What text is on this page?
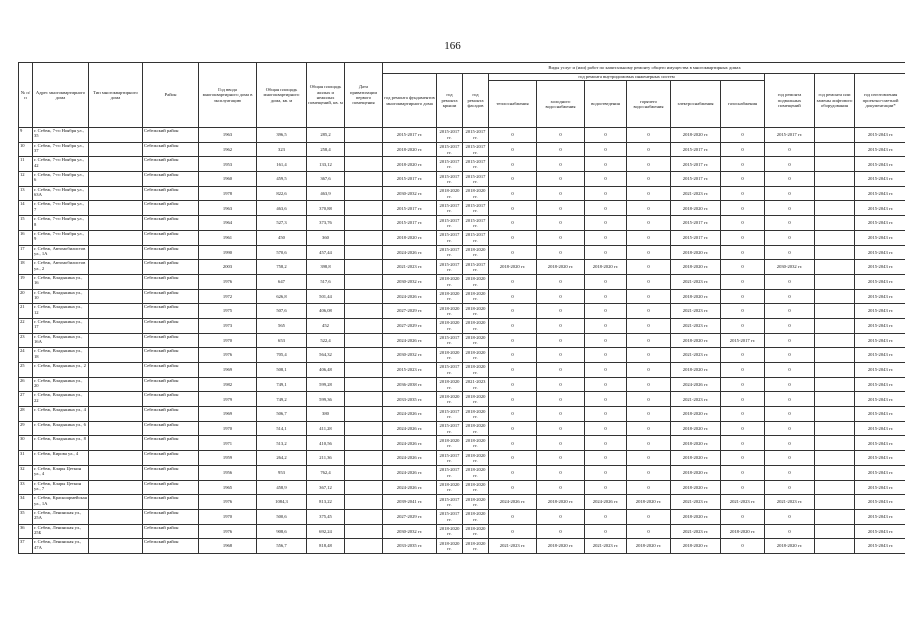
166
№ п/п	Адрес многоквартирного дома	Тип многоквартирного дома	Район	Год ввода многоквартирного дома в эксплуатацию	Общая площадь многоквартирного дома, кв. м	Общая площадь жилых и нежилых помещений, кв. м	Дата приватизации первого помещения	Виды услуг и (или) работ по капитальному ремонту общего имущества в многоквартирных домах											
								год ремонта фундаментов многоквартирного дома	год ремонта крыши	год ремонта фасадов	год ремонта внутридомовых инженерных систем						год ремонта подвальных помещений	год ремонта или замены лифтового оборудования	год изготовления проектно-сметной документации*
											теплоснабжения	холодного водоснабжения	водоотведения	горячего водоснабжения	электроснабжения	газоснабжения			
9	г. Себеж, 7-го Ноября ул., 35		Себежский район	1963	396,5	285,2		2015-2017 гг.	2015-2017 гг.	2015-2017 гг.	0	0	0	0	2018-2020 гг.	0	2015-2017 гг.		2015-2043 гг.
10	г. Себеж, 7-го Ноября ул., 37		Себежский район	1962	323	258,4		2018-2020 гг.	2015-2017 гг.	2015-2017 гг.	0	0	0	0	2015-2017 гг.	0	0		2015-2043 гг.
11	г. Себеж, 7-го Ноября ул., 42		Себежский район	1953	161,4	133,12		2018-2020 гг.	2015-2017 гг.	2015-2017 гг.	0	0	0	0	2015-2017 гг.	0	0		2015-2043 гг.
12	г. Себеж, 7-го Ноября ул., 6		Себежский район	1960	459,5	367,6		2015-2017 гг.	2015-2017 гг.	2015-2017 гг.	0	0	0	0	2015-2017 гг.	0	0		2015-2043 гг.
13	г. Себеж, 7-го Ноября ул., 63А		Себежский район	1978	822,6	463,9		2030-2032 гг.	2018-2020 гг.	2018-2020 гг.	0	0	0	0	2021-2023 гг.	0	0		2015-2043 гг.
14	г. Себеж, 7-го Ноября ул., 7		Себежский район	1963	463,6	370,88		2015-2017 гг.	2015-2017 гг.	2015-2017 гг.	0	0	0	0	2018-2020 гг.	0	0		2015-2043 гг.
15	г. Себеж, 7-го Ноября ул., 8		Себежский район	1964	527,3	373,76		2015-2017 гг.	2015-2017 гг.	2015-2017 гг.	0	0	0	0	2015-2017 гг.	0	0		2015-2043 гг.
16	г. Себеж, 7-го Ноября ул., 9		Себежский район	1961	450	360		2018-2020 гг.	2015-2017 гг.	2015-2017 гг.	0	0	0	0	2015-2017 гг.	0	0		2015-2043 гг.
17	г. Себеж, Автомобилистов ул., 1А		Себежский район	1990	570,6	457,44		2024-2026 гг.	2015-2017 гг.	2018-2020 гг.	0	0	0	0	2018-2020 гг.	0	0		2015-2043 гг.
18	г. Себеж, Автомобилистов ул., 2		Себежский район	2003	758,2	398,8		2021-2023 гг.	2015-2017 гг.	2015-2017 гг.	2018-2020 гг.	2018-2020 гг.	2018-2020 гг.	0	2018-2020 гг.	0	2030-2032 гг.		2015-2043 гг.
19	г. Себеж, Владыкина ул., 16		Себежский район	1976	647	517,6		2030-2032 гг.	2018-2020 гг.	2018-2020 гг.	0	0	0	0	2021-2023 гг.	0	0		2015-2043 гг.
20	г. Себеж, Владыкина ул., 10		Себежский район	1972	626,8	501,44		2024-2026 гг.	2018-2020 гг.	2018-2020 гг.	0	0	0	0	2018-2020 гг.	0	0		2015-2043 гг.
21	г. Себеж, Владыкина ул., 12		Себежский район	1975	507,6	406,08		2027-2029 гг.	2018-2020 гг.	2018-2020 гг.	0	0	0	0	2021-2023 гг.	0	0		2015-2043 гг.
22	г. Себеж, Владыкина ул., 17		Себежский район	1973	565	452		2027-2029 гг.	2018-2020 гг.	2018-2020 гг.	0	0	0	0	2021-2023 гг.	0	0		2015-2043 гг.
23	г. Себеж, Владыкина ул., 16А		Себежский район	1970	653	522,4		2024-2026 гг.	2015-2017 гг.	2018-2020 гг.	0	0	0	0	2018-2020 гг.	2015-2017 гг.	0		2015-2043 гг.
24	г. Себеж, Владыкина ул., 18		Себежский район	1976	705,4	564,32		2030-2032 гг.	2018-2020 гг.	2018-2020 гг.	0	0	0	0	2021-2023 гг.	0	0		2015-2043 гг.
25	г. Себеж, Владыкина ул., 2		Себежский район	1969	508,1	406,48		2015-2023 гг.	2015-2017 гг.	2018-2020 гг.	0	0	0	0	2018-2020 гг.	0	0		2015-2043 гг.
26	г. Себеж, Владыкина ул., 20		Себежский район	1982	749,1	599,28		2036-2038 гг.	2018-2020 гг.	2021-2023 гг.	0	0	0	0	2024-2026 гг.	0	0		2015-2043 гг.
27	г. Себеж, Владыкина ул., 22		Себежский район	1979	749,2	599,36		2033-2035 гг.	2018-2020 гг.	2018-2020 гг.	0	0	0	0	2021-2023 гг.	0	0		2015-2043 гг.
28	г. Себеж, Владыкина ул., 4		Себежский район	1969	506,7	380		2024-2026 гг.	2015-2017 гг.	2018-2020 гг.	0	0	0	0	2018-2020 гг.	0	0		2015-2043 гг.
29	г. Себеж, Владыкина ул., 6		Себежский район	1970	514,1	411,28		2024-2026 гг.	2015-2017 гг.	2018-2020 гг.	0	0	0	0	2018-2020 гг.	0	0		2015-2043 гг.
30	г. Себеж, Владыкина ул., 8		Себежский район	1971	513,2	410,56		2024-2026 гг.	2018-2020 гг.	2018-2020 гг.	0	0	0	0	2018-2020 гг.	0	0		2015-2043 гг.
31	г. Себеж, Кирова ул., 4		Себежский район	1959	264,2	211,36		2024-2026 гг.	2015-2017 гг.	2018-2020 гг.	0	0	0	0	2018-2020 гг.	0	0		2015-2043 гг.
32	г. Себеж, Клары Цеткин ул., 4		Себежский район	1956	953	762,4		2024-2026 гг.	2015-2017 гг.	2018-2020 гг.	0	0	0	0	2018-2020 гг.	0	0		2015-2043 гг.
33	г. Себеж, Клары Цеткин ул., 7		Себежский район	1965	458,9	367,12		2024-2026 гг.	2018-2020 гг.	2018-2020 гг.	0	0	0	0	2018-2020 гг.	0	0		2015-2043 гг.
34	г. Себеж, Красноармейская ул., 1А		Себежский район	1976	1084,3	813,22		2039-2041 гг.	2015-2017 гг.	2018-2020 гг.	2024-2026 гг.	2018-2020 гг.	2024-2026 гг.	2018-2020 гг.	2021-2023 гг.	2021-2023 гг.	2021-2023 гг.		2015-2043 гг.
35	г. Себеж, Ленинская ул., 25А		Себежский район	1970	500,6	375,45		2027-2029 гг.	2015-2017 гг.	2018-2020 гг.	0	0	0	0	2018-2020 гг.	0	0		2015-2043 гг.
36	г. Себеж, Ленинская ул., 25Б		Себежский район	1976	908,6	692,24		2030-2032 гг.	2018-2020 гг.	2018-2020 гг.	0	0	0	0	2021-2023 гг.	2018-2020 гг.	0		2015-2043 гг.
37	г. Себеж, Ленинская ул., 47А		Себежский район	1968	556,7	818,48		2033-2035 гг.	2018-2020 гг.	2018-2020 гг.	2021-2023 гг.	2018-2020 гг.	2021-2023 гг.	2018-2020 гг.	2018-2020 гг.	0	2018-2020 гг.		2015-2043 гг.
